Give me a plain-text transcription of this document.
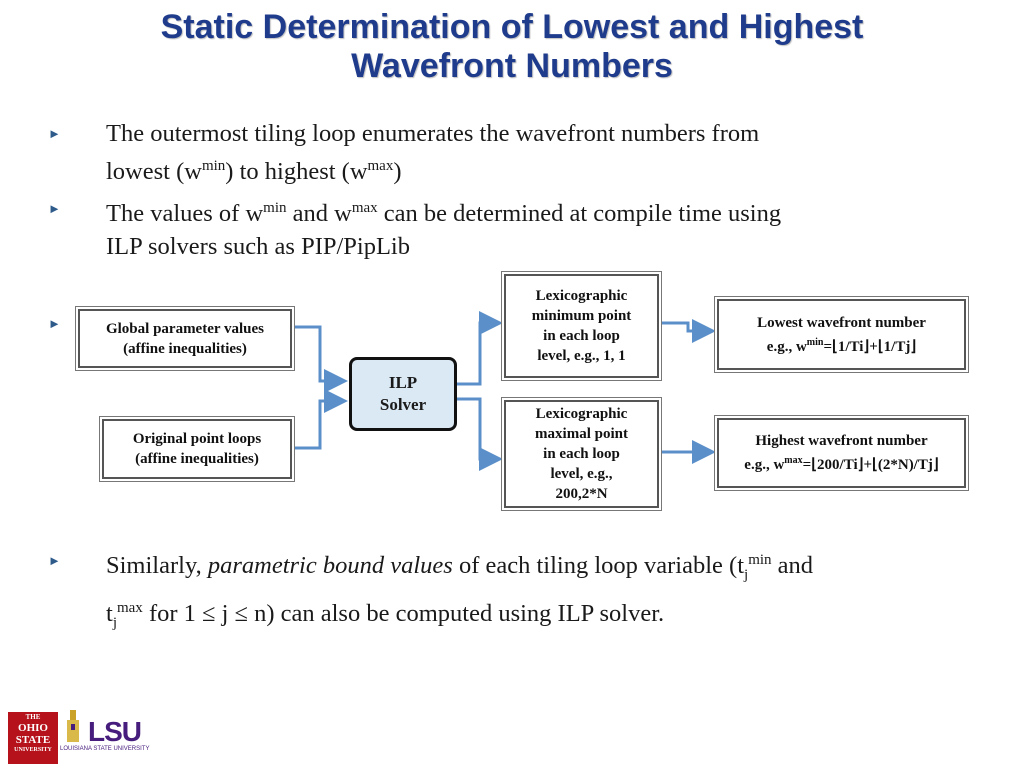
Static Determination of Lowest and Highest
Wavefront Numbers
► The outermost tiling loop enumerates the wavefront numbers from
lowest $(w^{min})$ to highest $(w^{max})$
► The values of $w^{min}$ and $w^{max}$ can be determined at compile time using
ILP solvers such as PIP/PipLib
►	Global parameter values
(affine inequalities)
Original point loops
(affine inequalities)
ILP
Solver
Lexicographic
minimum point
in each loop
level, e.g., 1, 1
Lexicographic
maximal point
in each loop
level, e.g.,
200,2*N
Lowest wavefront number
e.g., $w^{min}=⌊1/Ti⌋+⌊1/Tj⌋$
Highest wavefront number
e.g., $w^{max}=⌊200/Ti⌋+⌊(2*N)/Tj⌋$
► Similarly, parametric bound values of each tiling loop variable ($t_j^{min}$ and
$t_j^{max}$ for 1 ≤ j ≤ n) can also be computed using ILP solver.
THE
OHIO
STATE
UNIVERSITY
LSU
LOUISIANA STATE UNIVERSITY
